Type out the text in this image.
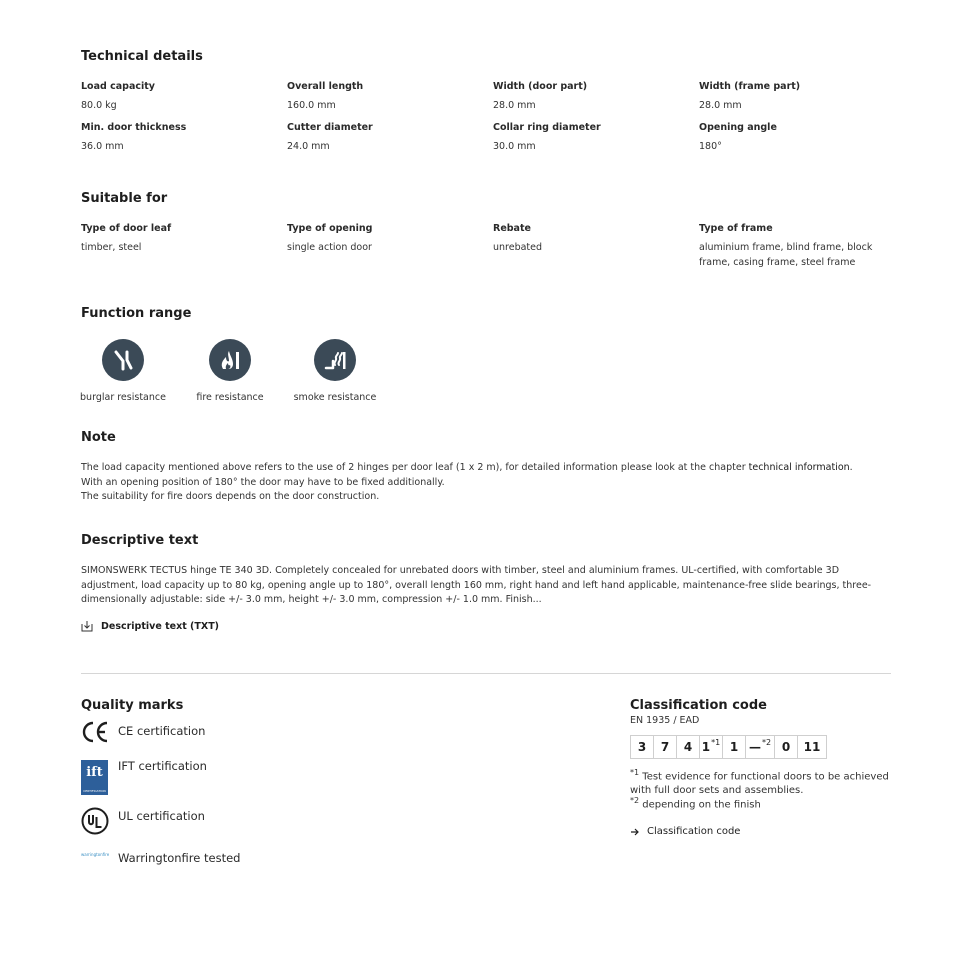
Technical details
Load capacity
80.0 kg
Overall length
160.0 mm
Width (door part)
28.0 mm
Width (frame part)
28.0 mm
Min. door thickness
36.0 mm
Cutter diameter
24.0 mm
Collar ring diameter
30.0 mm
Opening angle
180°
Suitable for
Type of door leaf
timber, steel
Type of opening
single action door
Rebate
unrebated
Type of frame
aluminium frame, blind frame, block frame, casing frame, steel frame
Function range
burglar resistance	fire resistance	smoke resistance
Note
The load capacity mentioned above refers to the use of 2 hinges per door leaf (1 x 2 m), for detailed information please look at the chapter technical information.
With an opening position of 180° the door may have to be fixed additionally.
The suitability for fire doors depends on the door construction.
Descriptive text

SIMONSWERK TECTUS hinge TE 340 3D. Completely concealed for unrebated doors with timber, steel and aluminium frames. UL-certified, with comfortable 3D adjustment, load capacity up to 80 kg, opening angle up to 180°, overall length 160 mm, right hand and left hand applicable, maintenance-free slide bearings, three-dimensionally adjustable: side +/- 3.0 mm, height +/- 3.0 mm, compression +/- 1.0 mm. Finish...

Descriptive text (TXT)
Quality marks
CE certification
ift
CERTIFICATION
IFT certification
UL certification
warringtonfire Warringtonfire tested
Classification code
EN 1935 / EAD
3 7 4 1$^{*1}$ 1 —$^{*2}$ 0 11
$^{*1}$ Test evidence for functional doors to be achieved with full door sets and assemblies.
$^{*2}$ depending on the finish
Classification code
